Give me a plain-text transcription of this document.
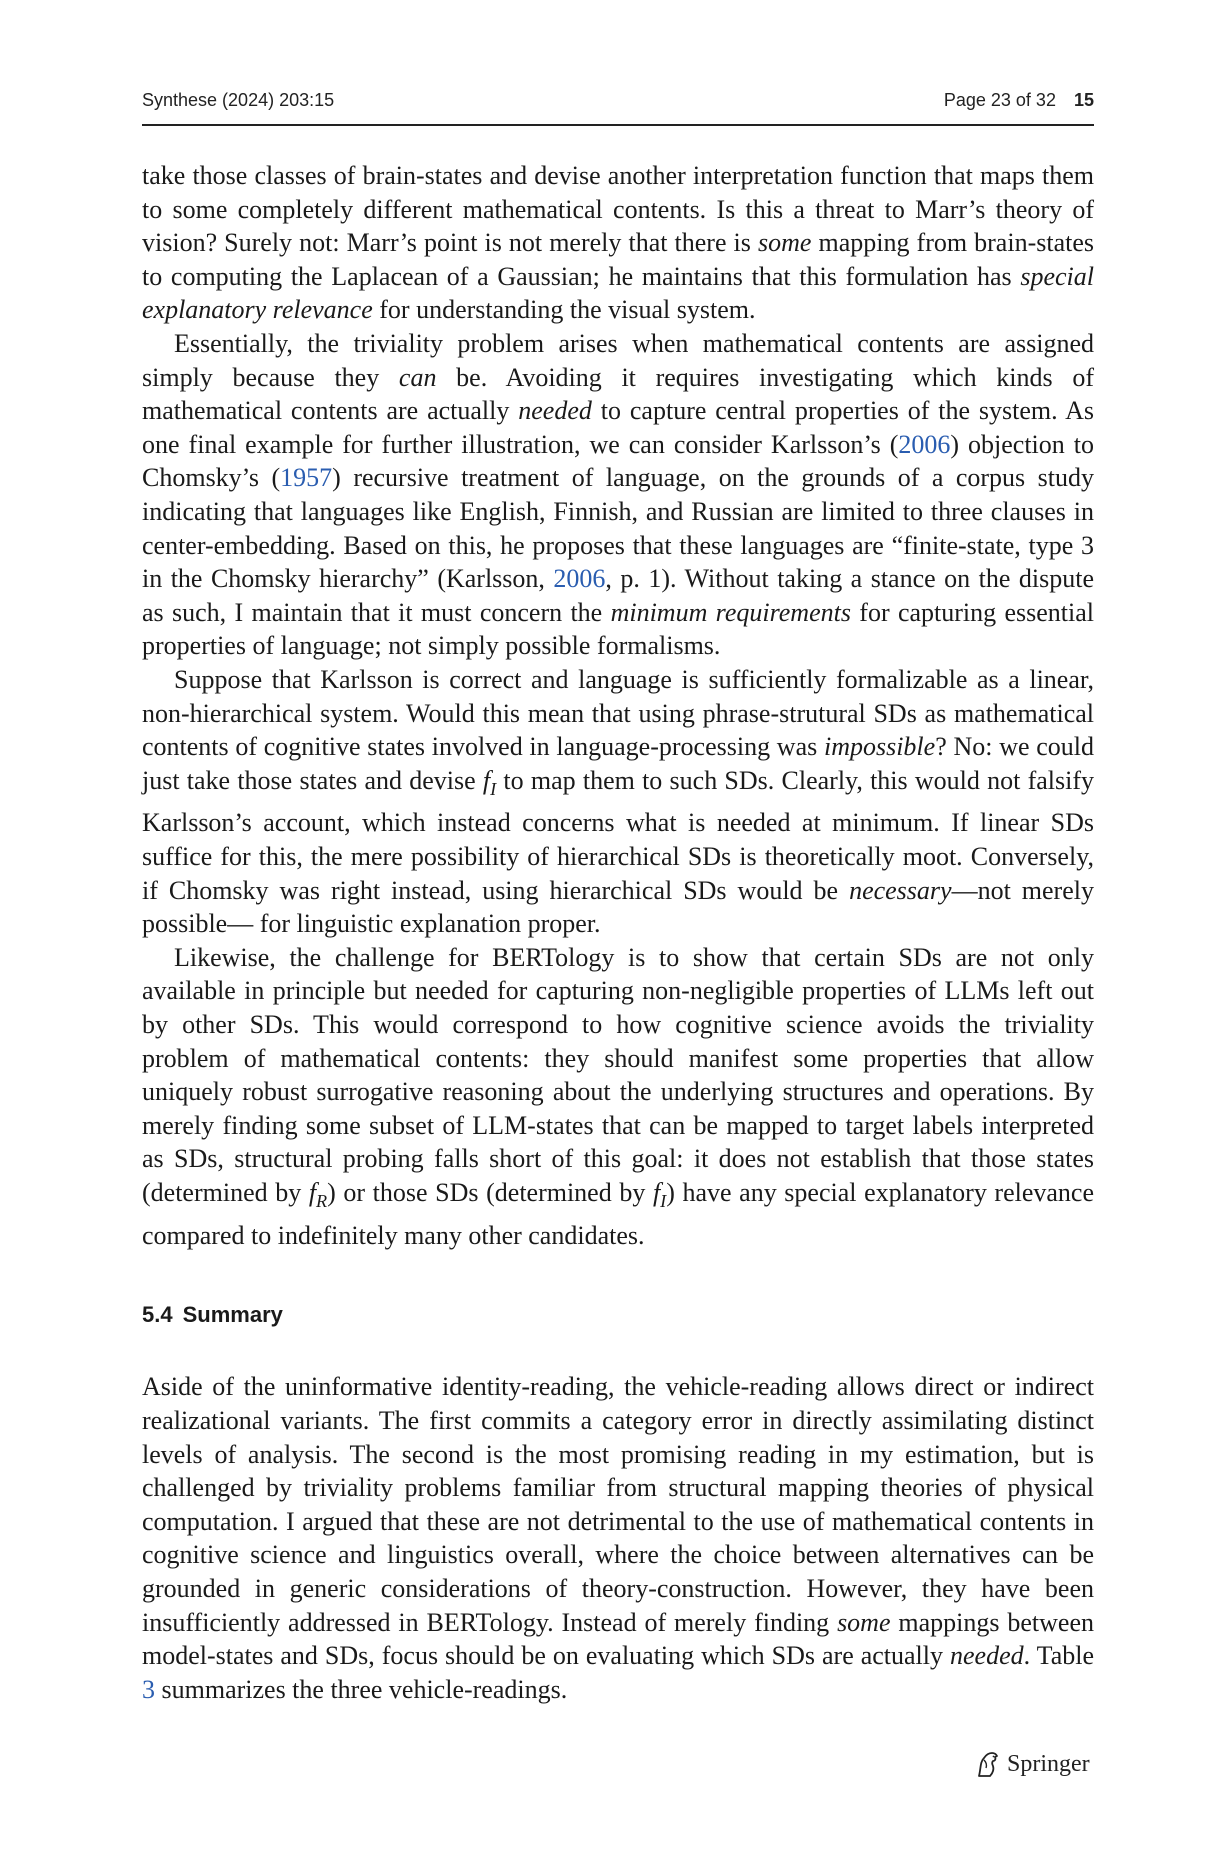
Synthese (2024) 203:15	Page 23 of 32 15

take those classes of brain-states and devise another interpretation function that maps them to some completely different mathematical contents. Is this a threat to Marr’s theory of vision? Surely not: Marr’s point is not merely that there is some mapping from brain-states to computing the Laplacean of a Gaussian; he maintains that this formulation has special explanatory relevance for understanding the visual system.

Essentially, the triviality problem arises when mathematical contents are assigned simply because they can be. Avoiding it requires investigating which kinds of mathematical contents are actually needed to capture central properties of the system. As one final example for further illustration, we can consider Karlsson’s (2006) objection to Chomsky’s (1957) recursive treatment of language, on the grounds of a corpus study indicating that languages like English, Finnish, and Russian are limited to three clauses in center-embedding. Based on this, he proposes that these languages are “finite-state, type 3 in the Chomsky hierarchy” (Karlsson, 2006, p. 1). Without taking a stance on the dispute as such, I maintain that it must concern the minimum requirements for capturing essential properties of language; not simply possible formalisms.

Suppose that Karlsson is correct and language is sufficiently formalizable as a linear, non-hierarchical system. Would this mean that using phrase-strutural SDs as mathematical contents of cognitive states involved in language-processing was impossible? No: we could just take those states and devise $f_I$ to map them to such SDs. Clearly, this would not falsify Karlsson’s account, which instead concerns what is needed at minimum. If linear SDs suffice for this, the mere possibility of hierarchical SDs is theoretically moot. Conversely, if Chomsky was right instead, using hierarchical SDs would be necessary—not merely possible— for linguistic explanation proper.

Likewise, the challenge for BERTology is to show that certain SDs are not only available in principle but needed for capturing non-negligible properties of LLMs left out by other SDs. This would correspond to how cognitive science avoids the triviality problem of mathematical contents: they should manifest some properties that allow uniquely robust surrogative reasoning about the underlying structures and operations. By merely finding some subset of LLM-states that can be mapped to target labels interpreted as SDs, structural probing falls short of this goal: it does not establish that those states (determined by $f_R$) or those SDs (determined by $f_I$) have any special explanatory relevance compared to indefinitely many other candidates.

5.4 Summary

Aside of the uninformative identity-reading, the vehicle-reading allows direct or indirect realizational variants. The first commits a category error in directly assimilating distinct levels of analysis. The second is the most promising reading in my estimation, but is challenged by triviality problems familiar from structural mapping theories of physical computation. I argued that these are not detrimental to the use of mathematical contents in cognitive science and linguistics overall, where the choice between alternatives can be grounded in generic considerations of theory-construction. However, they have been insufficiently addressed in BERTology. Instead of merely finding some mappings between model-states and SDs, focus should be on evaluating which SDs are actually needed. Table 3 summarizes the three vehicle-readings.

Springer
